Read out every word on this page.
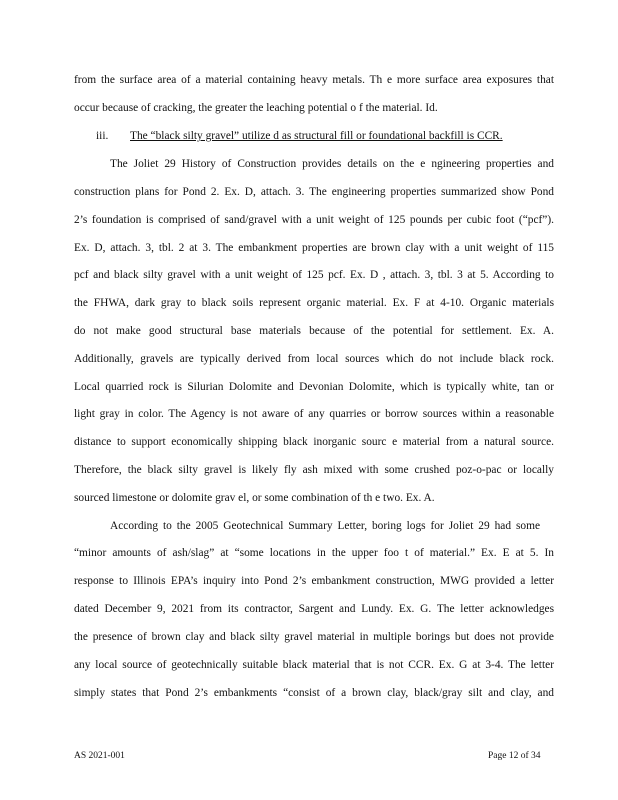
from the surface area of a material containing heavy metals. Th e more surface area exposures that
occur because of cracking, the greater the leaching potential o f the material. Id.
iii. The “black silty gravel” utilize d as structural fill or foundational backfill is CCR.
The Joliet 29 History of Construction provides details on the e ngineering properties and
construction plans for Pond 2. Ex. D, attach. 3. The engineering properties summarized show Pond
2’s foundation is comprised of sand/gravel with a unit weight of 125 pounds per cubic foot (“pcf”).
Ex. D, attach. 3, tbl. 2 at 3. The embankment properties are brown clay with a unit weight of 115
pcf and black silty gravel with a unit weight of 125 pcf. Ex. D , attach. 3, tbl. 3 at 5. According to
the FHWA, dark gray to black soils represent organic material. Ex. F at 4-10. Organic materials
do not make good structural base materials because of the potential for settlement. Ex. A.
Additionally, gravels are typically derived from local sources which do not include black rock.
Local quarried rock is Silurian Dolomite and Devonian Dolomite, which is typically white, tan or
light gray in color. The Agency is not aware of any quarries or borrow sources within a reasonable
distance to support economically shipping black inorganic sourc e material from a natural source.
Therefore, the black silty gravel is likely fly ash mixed with some crushed poz-o-pac or locally
sourced limestone or dolomite grav el, or some combination of th e two. Ex. A.
According to the 2005 Geotechnical Summary Letter, boring logs for Joliet 29 had some
“minor amounts of ash/slag” at “some locations in the upper foo t of material.” Ex. E at 5. In
response to Illinois EPA’s inquiry into Pond 2’s embankment construction, MWG provided a letter
dated December 9, 2021 from its contractor, Sargent and Lundy. Ex. G. The letter acknowledges
the presence of brown clay and black silty gravel material in multiple borings but does not provide
any local source of geotechnically suitable black material that is not CCR. Ex. G at 3-4. The letter
simply states that Pond 2’s embankments “consist of a brown clay, black/gray silt and clay, and
AS 2021-001	Page 12 of 34
